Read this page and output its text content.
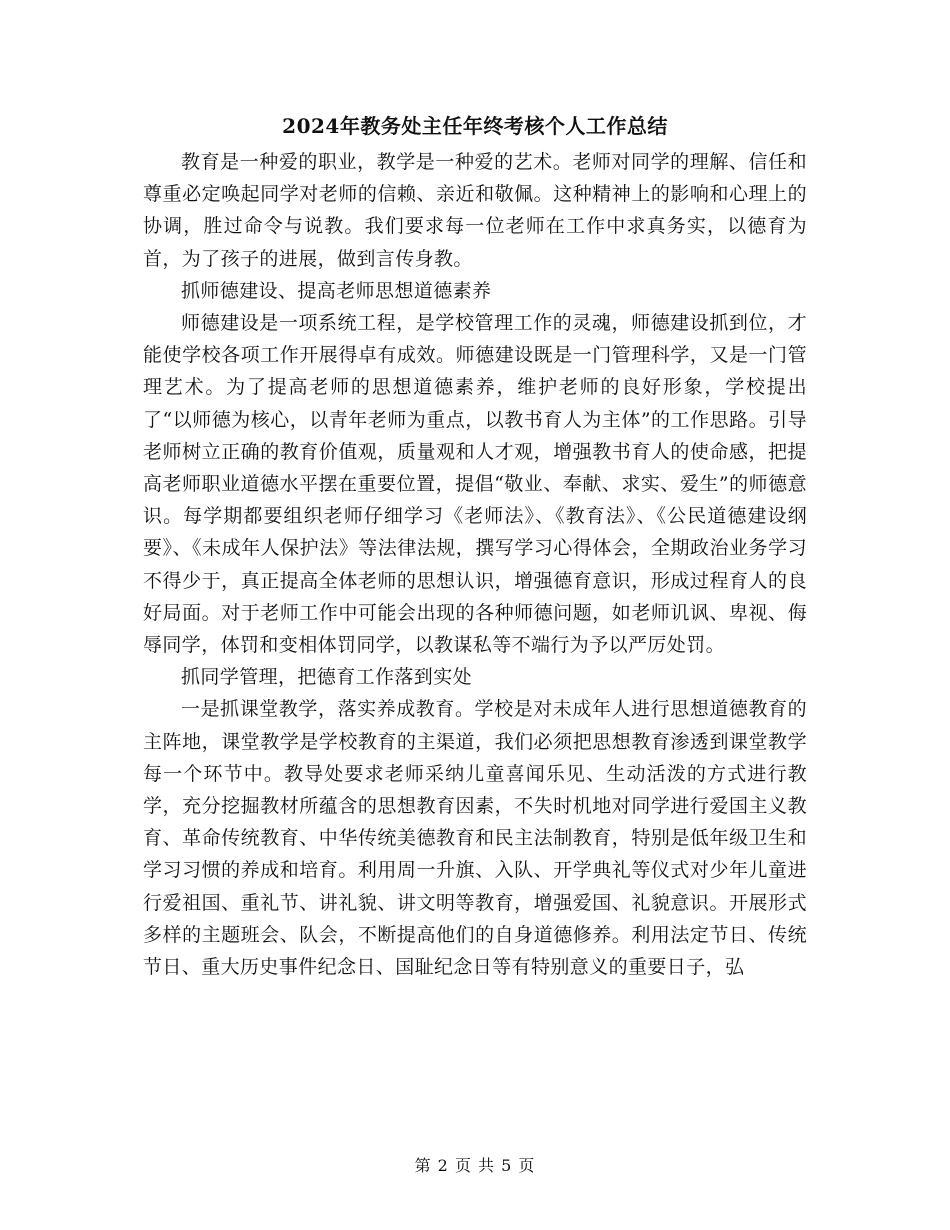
2024年教务处主任年终考核个人工作总结

教育是一种爱的职业，教学是一种爱的艺术。老师对同学的理解、信任和尊重必定唤起同学对老师的信赖、亲近和敬佩。这种精神上的影响和心理上的协调，胜过命令与说教。我们要求每一位老师在工作中求真务实，以德育为首，为了孩子的进展，做到言传身教。

抓师德建设、提高老师思想道德素养

师德建设是一项系统工程，是学校管理工作的灵魂，师德建设抓到位，才能使学校各项工作开展得卓有成效。师德建设既是一门管理科学，又是一门管理艺术。为了提高老师的思想道德素养，维护老师的良好形象，学校提出了“以师德为核心，以青年老师为重点，以教书育人为主体”的工作思路。引导老师树立正确的教育价值观，质量观和人才观，增强教书育人的使命感，把提高老师职业道德水平摆在重要位置，提倡“敬业、奉献、求实、爱生”的师德意识。每学期都要组织老师仔细学习《老师法》、《教育法》、《公民道德建设纲要》、《未成年人保护法》等法律法规，撰写学习心得体会，全期政治业务学习不得少于，真正提高全体老师的思想认识，增强德育意识，形成过程育人的良好局面。对于老师工作中可能会出现的各种师德问题，如老师讥讽、卑视、侮辱同学，体罚和变相体罚同学，以教谋私等不端行为予以严厉处罚。

抓同学管理，把德育工作落到实处

一是抓课堂教学，落实养成教育。学校是对未成年人进行思想道德教育的主阵地，课堂教学是学校教育的主渠道，我们必须把思想教育渗透到课堂教学每一个环节中。教导处要求老师采纳儿童喜闻乐见、生动活泼的方式进行教学，充分挖掘教材所蕴含的思想教育因素，不失时机地对同学进行爱国主义教育、革命传统教育、中华传统美德教育和民主法制教育，特别是低年级卫生和学习习惯的养成和培育。利用周一升旗、入队、开学典礼等仪式对少年儿童进行爱祖国、重礼节、讲礼貌、讲文明等教育，增强爱国、礼貌意识。开展形式多样的主题班会、队会，不断提高他们的自身道德修养。利用法定节日、传统节日、重大历史事件纪念日、国耻纪念日等有特别意义的重要日子，弘

第 2 页 共 5 页
